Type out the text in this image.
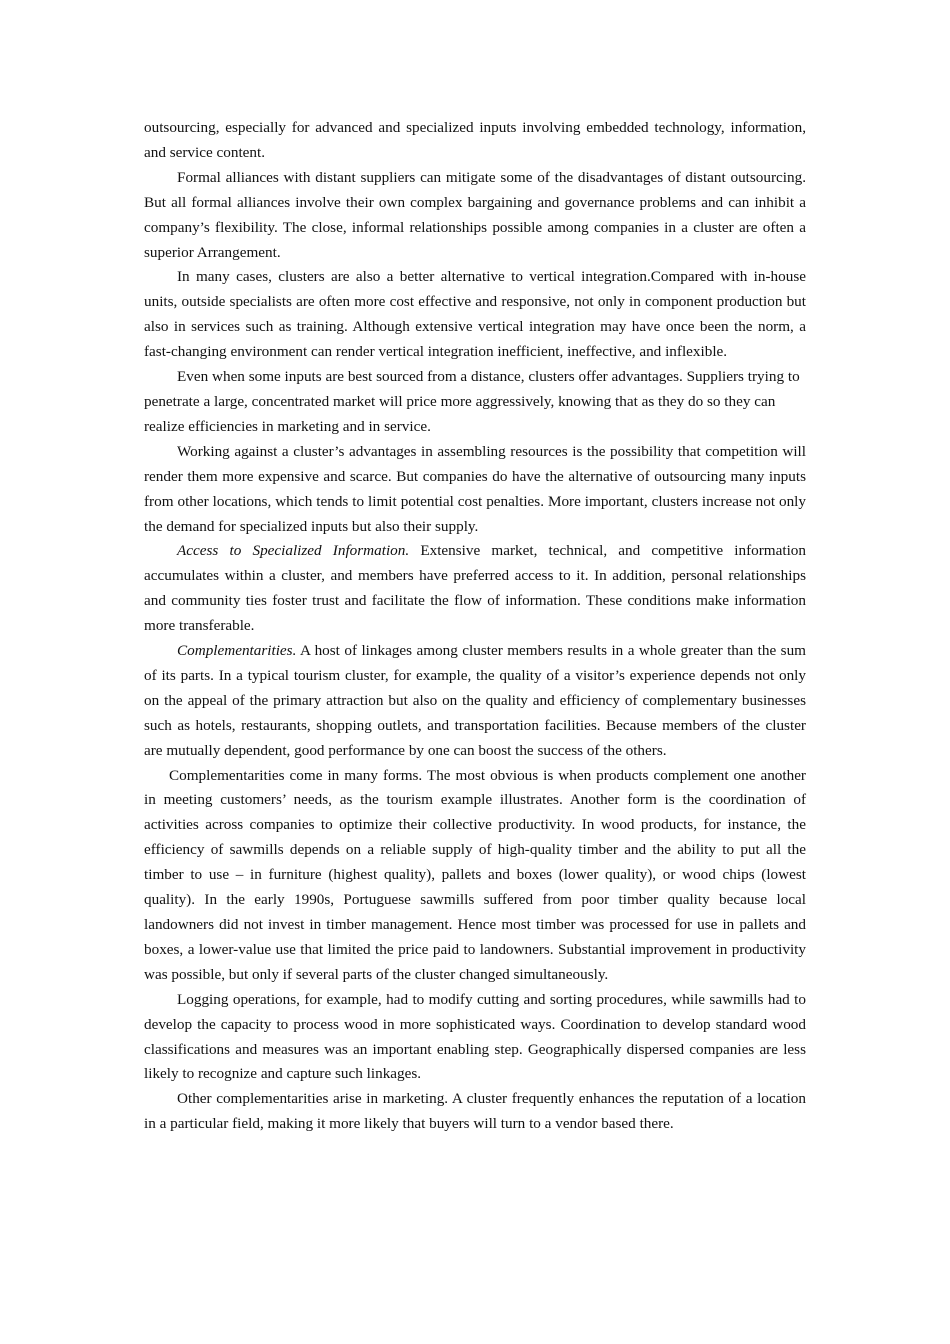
outsourcing, especially for advanced and specialized inputs involving embedded technology, information, and service content.

Formal alliances with distant suppliers can mitigate some of the disadvantages of distant outsourcing. But all formal alliances involve their own complex bargaining and governance problems and can inhibit a company’s flexibility. The close, informal relationships possible among companies in a cluster are often a superior Arrangement.

In many cases, clusters are also a better alternative to vertical integration.Compared with in-house units, outside specialists are often more cost effective and responsive, not only in component production but also in services such as training. Although extensive vertical integration may have once been the norm, a fast-changing environment can render vertical integration inefficient, ineffective, and inflexible.

Even when some inputs are best sourced from a distance, clusters offer advantages. Suppliers trying to penetrate a large, concentrated market will price more aggressively, knowing that as they do so they can realize efficiencies in marketing and in service.

Working against a cluster’s advantages in assembling resources is the possibility that competition will render them more expensive and scarce. But companies do have the alternative of outsourcing many inputs from other locations, which tends to limit potential cost penalties. More important, clusters increase not only the demand for specialized inputs but also their supply.

Access to Specialized Information. Extensive market, technical, and competitive information accumulates within a cluster, and members have preferred access to it. In addition, personal relationships and community ties foster trust and facilitate the flow of information. These conditions make information more transferable.

Complementarities. A host of linkages among cluster members results in a whole greater than the sum of its parts. In a typical tourism cluster, for example, the quality of a visitor’s experience depends not only on the appeal of the primary attraction but also on the quality and efficiency of complementary businesses such as hotels, restaurants, shopping outlets, and transportation facilities. Because members of the cluster are mutually dependent, good performance by one can boost the success of the others.

Complementarities come in many forms. The most obvious is when products complement one another in meeting customers’ needs, as the tourism example illustrates. Another form is the coordination of activities across companies to optimize their collective productivity. In wood products, for instance, the efficiency of sawmills depends on a reliable supply of high-quality timber and the ability to put all the timber to use – in furniture (highest quality), pallets and boxes (lower quality), or wood chips (lowest quality). In the early 1990s, Portuguese sawmills suffered from poor timber quality because local landowners did not invest in timber management. Hence most timber was processed for use in pallets and boxes, a lower-value use that limited the price paid to landowners. Substantial improvement in productivity was possible, but only if several parts of the cluster changed simultaneously.

Logging operations, for example, had to modify cutting and sorting procedures, while sawmills had to develop the capacity to process wood in more sophisticated ways. Coordination to develop standard wood classifications and measures was an important enabling step. Geographically dispersed companies are less likely to recognize and capture such linkages.

Other complementarities arise in marketing. A cluster frequently enhances the reputation of a location in a particular field, making it more likely that buyers will turn to a vendor based there.
